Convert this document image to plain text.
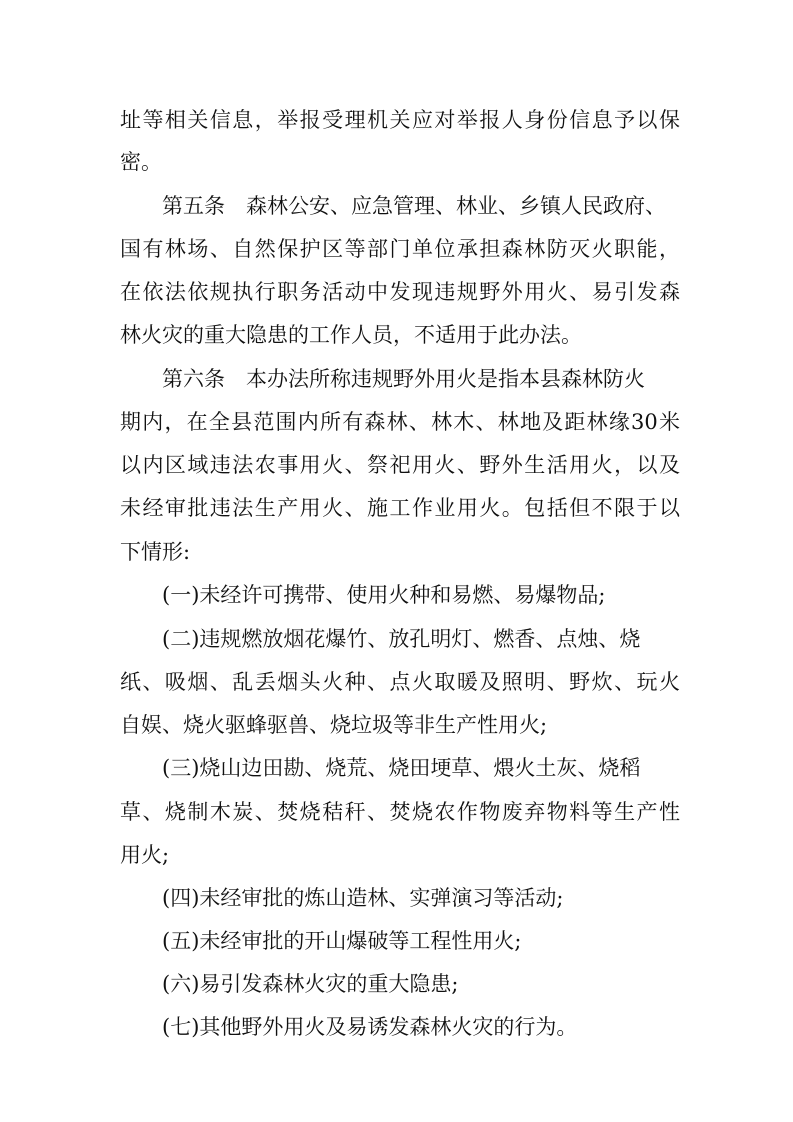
址等相关信息，举报受理机关应对举报人身份信息予以保
密。
第五条　森林公安、应急管理、林业、乡镇人民政府、
国有林场、自然保护区等部门单位承担森林防灭火职能，
在依法依规执行职务活动中发现违规野外用火、易引发森
林火灾的重大隐患的工作人员，不适用于此办法。
第六条　本办法所称违规野外用火是指本县森林防火
期内，在全县范围内所有森林、林木、林地及距林缘30米
以内区域违法农事用火、祭祀用火、野外生活用火，以及
未经审批违法生产用火、施工作业用火。包括但不限于以
下情形:
(一)未经许可携带、使用火种和易燃、易爆物品;
(二)违规燃放烟花爆竹、放孔明灯、燃香、点烛、烧
纸、吸烟、乱丢烟头火种、点火取暖及照明、野炊、玩火
自娱、烧火驱蜂驱兽、烧垃圾等非生产性用火;
(三)烧山边田勘、烧荒、烧田埂草、煨火土灰、烧稻
草、烧制木炭、焚烧秸秆、焚烧农作物废弃物料等生产性
用火;
(四)未经审批的炼山造林、实弹演习等活动;
(五)未经审批的开山爆破等工程性用火;
(六)易引发森林火灾的重大隐患;
(七)其他野外用火及易诱发森林火灾的行为。
